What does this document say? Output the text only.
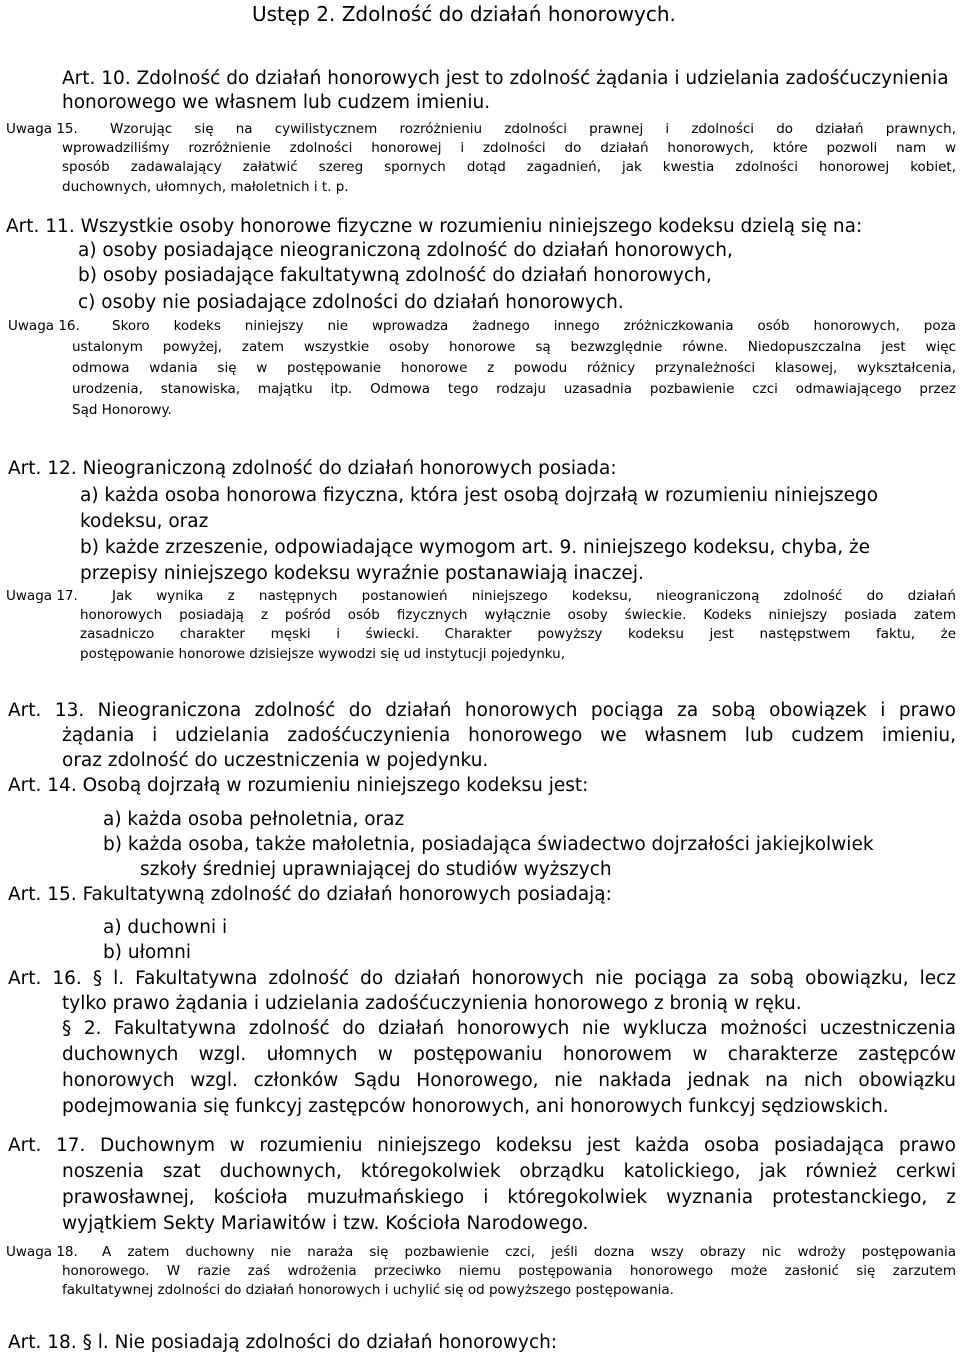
Ustęp 2. Zdolność do działań honorowych.
Art. 10. Zdolność do działań honorowych jest to zdolność żądania i udzielania zadośćuczynienia
honorowego we własnem lub cudzem imieniu.
Uwaga 15. Wzorując się na cywilistycznem rozróżnieniu zdolności prawnej i zdolności do działań prawnych,
wprowadziliśmy rozróżnienie zdolności honorowej i zdolności do działań honorowych, które pozwoli nam w
sposób zadawalający załatwić szereg spornych dotąd zagadnień, jak kwestia zdolności honorowej kobiet,
duchownych, ułomnych, małoletnich i t. p.
Art. 11. Wszystkie osoby honorowe fizyczne w rozumieniu niniejszego kodeksu dzielą się na:
a) osoby posiadające nieograniczoną zdolność do działań honorowych,
b) osoby posiadające fakultatywną zdolność do działań honorowych,
c) osoby nie posiadające zdolności do działań honorowych.
Uwaga 16. Skoro kodeks niniejszy nie wprowadza żadnego innego zróżniczkowania osób honorowych, poza
ustalonym powyżej, zatem wszystkie osoby honorowe są bezwzględnie równe. Niedopuszczalna jest więc
odmowa wdania się w postępowanie honorowe z powodu różnicy przynależności klasowej, wykształcenia,
urodzenia, stanowiska, majątku itp. Odmowa tego rodzaju uzasadnia pozbawienie czci odmawiającego przez
Sąd Honorowy.
Art. 12. Nieograniczoną zdolność do działań honorowych posiada:
a) każda osoba honorowa fizyczna, która jest osobą dojrzałą w rozumieniu niniejszego
kodeksu, oraz
b) każde zrzeszenie, odpowiadające wymogom art. 9. niniejszego kodeksu, chyba, że
przepisy niniejszego kodeksu wyraźnie postanawiają inaczej.
Uwaga 17.	Jak wynika z następnych postanowień niniejszego kodeksu, nieograniczoną zdolność do działań
honorowych posiadają z pośród osób fizycznych wyłącznie osoby świeckie. Kodeks niniejszy posiada zatem
zasadniczo charakter męski i świecki. Charakter powyższy kodeksu jest następstwem faktu, że
postępowanie honorowe dzisiejsze wywodzi się ud instytucji pojedynku,
Art. 13. Nieograniczona zdolność do działań honorowych pociąga za sobą obowiązek i prawo
żądania i udzielania zadośćuczynienia honorowego we własnem lub cudzem imieniu,
oraz zdolność do uczestniczenia w pojedynku.
Art. 14. Osobą dojrzałą w rozumieniu niniejszego kodeksu jest:
a) każda osoba pełnoletnia, oraz
b) każda osoba, także małoletnia, posiadająca świadectwo dojrzałości jakiejkolwiek
szkoły średniej uprawniającej do studiów wyższych
Art. 15. Fakultatywną zdolność do działań honorowych posiadają:
a) duchowni i
b) ułomni
Art. 16. § l. Fakultatywna zdolność do działań honorowych nie pociąga za sobą obowiązku, lecz
tylko prawo żądania i udzielania zadośćuczynienia honorowego z bronią w ręku.
§ 2. Fakultatywna zdolność do działań honorowych nie wyklucza możności uczestniczenia
duchownych wzgl. ułomnych w postępowaniu honorowem w charakterze zastępców
honorowych wzgl. członków Sądu Honorowego, nie nakłada jednak na nich obowiązku
podejmowania się funkcyj zastępców honorowych, ani honorowych funkcyj sędziowskich.
Art. 17. Duchownym w rozumieniu niniejszego kodeksu jest każda osoba posiadająca prawo
noszenia szat duchownych, któregokolwiek obrządku katolickiego, jak również cerkwi
prawosławnej, kościoła muzułmańskiego i któregokolwiek wyznania protestanckiego, z
wyjątkiem Sekty Mariawitów i tzw. Kościoła Narodowego.
Uwaga 18. A zatem duchowny nie naraża się pozbawienie czci, jeśli dozna wszy obrazy nic wdroży postępowania
honorowego. W razie zaś wdrożenia przeciwko niemu postępowania honorowego może zasłonić się zarzutem
fakultatywnej zdolności do działań honorowych i uchylić się od powyższego postępowania.
Art. 18. § l. Nie posiadają zdolności do działań honorowych:
